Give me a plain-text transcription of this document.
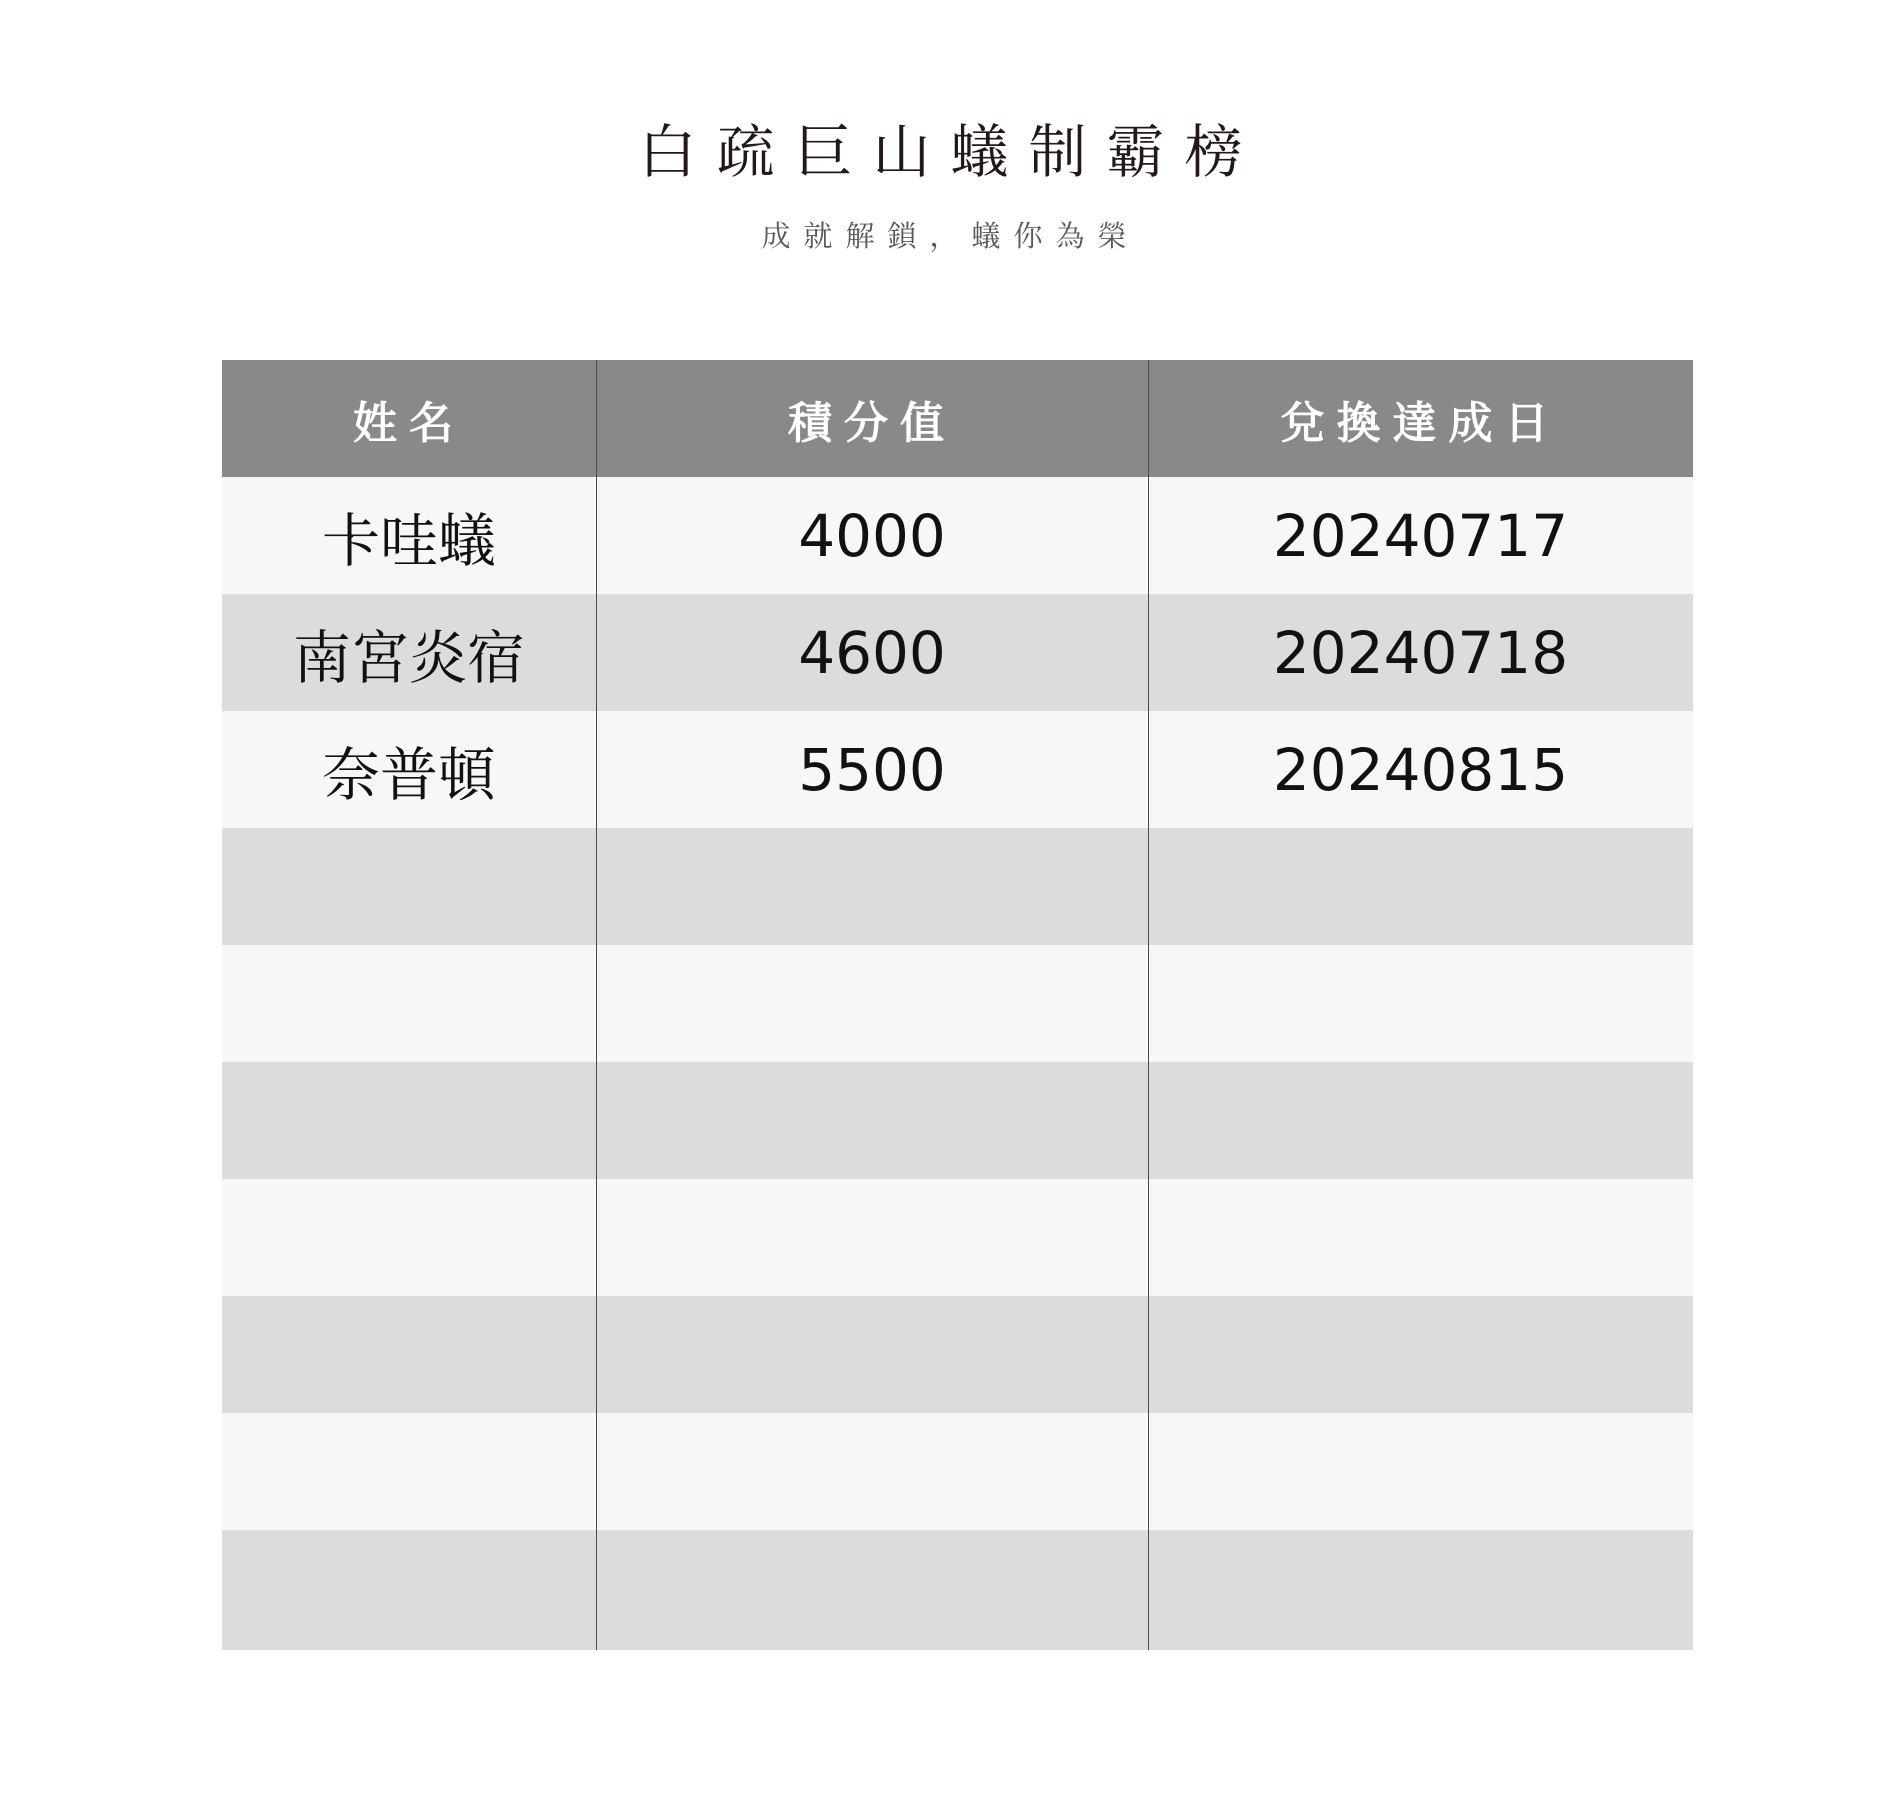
白疏巨山蟻制霸榜
成就解鎖，蟻你為榮
姓名	積分值	兌換達成日
卡哇蟻	4000	20240717
南宮炎宿	4600	20240718
奈普頓	5500	20240815
